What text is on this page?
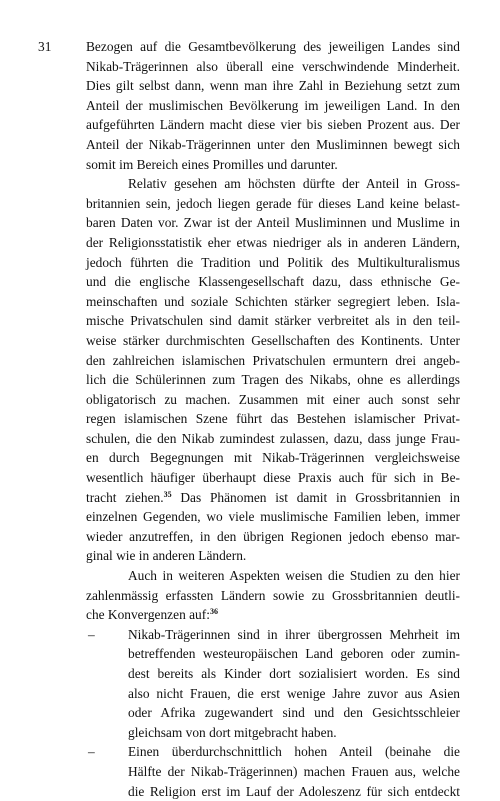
31	Bezogen auf die Gesamtbevölkerung des jeweiligen Landes sind
Nikab-Trägerinnen also überall eine verschwindende Minderheit.
Dies gilt selbst dann, wenn man ihre Zahl in Beziehung setzt zum
Anteil der muslimischen Bevölkerung im jeweiligen Land. In den
aufgeführten Ländern macht diese vier bis sieben Prozent aus. Der
Anteil der Nikab-Trägerinnen unter den Musliminnen bewegt sich
somit im Bereich eines Promilles und darunter.
Relativ gesehen am höchsten dürfte der Anteil in Gross-
britannien sein, jedoch liegen gerade für dieses Land keine belast-
baren Daten vor. Zwar ist der Anteil Musliminnen und Muslime in
der Religionsstatistik eher etwas niedriger als in anderen Ländern,
jedoch führten die Tradition und Politik des Multikulturalismus
und die englische Klassengesellschaft dazu, dass ethnische Ge-
meinschaften und soziale Schichten stärker segregiert leben. Isla-
mische Privatschulen sind damit stärker verbreitet als in den teil-
weise stärker durchmischten Gesellschaften des Kontinents. Unter
den zahlreichen islamischen Privatschulen ermuntern drei angeb-
lich die Schülerinnen zum Tragen des Nikabs, ohne es allerdings
obligatorisch zu machen. Zusammen mit einer auch sonst sehr
regen islamischen Szene führt das Bestehen islamischer Privat-
schulen, die den Nikab zumindest zulassen, dazu, dass junge Frau-
en durch Begegnungen mit Nikab-Trägerinnen vergleichsweise
wesentlich häufiger überhaupt diese Praxis auch für sich in Be-
tracht ziehen.$^{35}$ Das Phänomen ist damit in Grossbritannien in
einzelnen Gegenden, wo viele muslimische Familien leben, immer
wieder anzutreffen, in den übrigen Regionen jedoch ebenso mar-
ginal wie in anderen Ländern.
Auch in weiteren Aspekten weisen die Studien zu den hier
zahlenmässig erfassten Ländern sowie zu Grossbritannien deutli-
che Konvergenzen auf:$^{36}$
– Nikab-Trägerinnen sind in ihrer übergrossen Mehrheit im
betreffenden westeuropäischen Land geboren oder zumin-
dest bereits als Kinder dort sozialisiert worden. Es sind
also nicht Frauen, die erst wenige Jahre zuvor aus Asien
oder Afrika zugewandert sind und den Gesichtsschleier
gleichsam von dort mitgebracht haben.
– Einen überdurchschnittlich hohen Anteil (beinahe die
Hälfte der Nikab-Trägerinnen) machen Frauen aus, welche
die Religion erst im Lauf der Adoleszenz für sich entdeckt
